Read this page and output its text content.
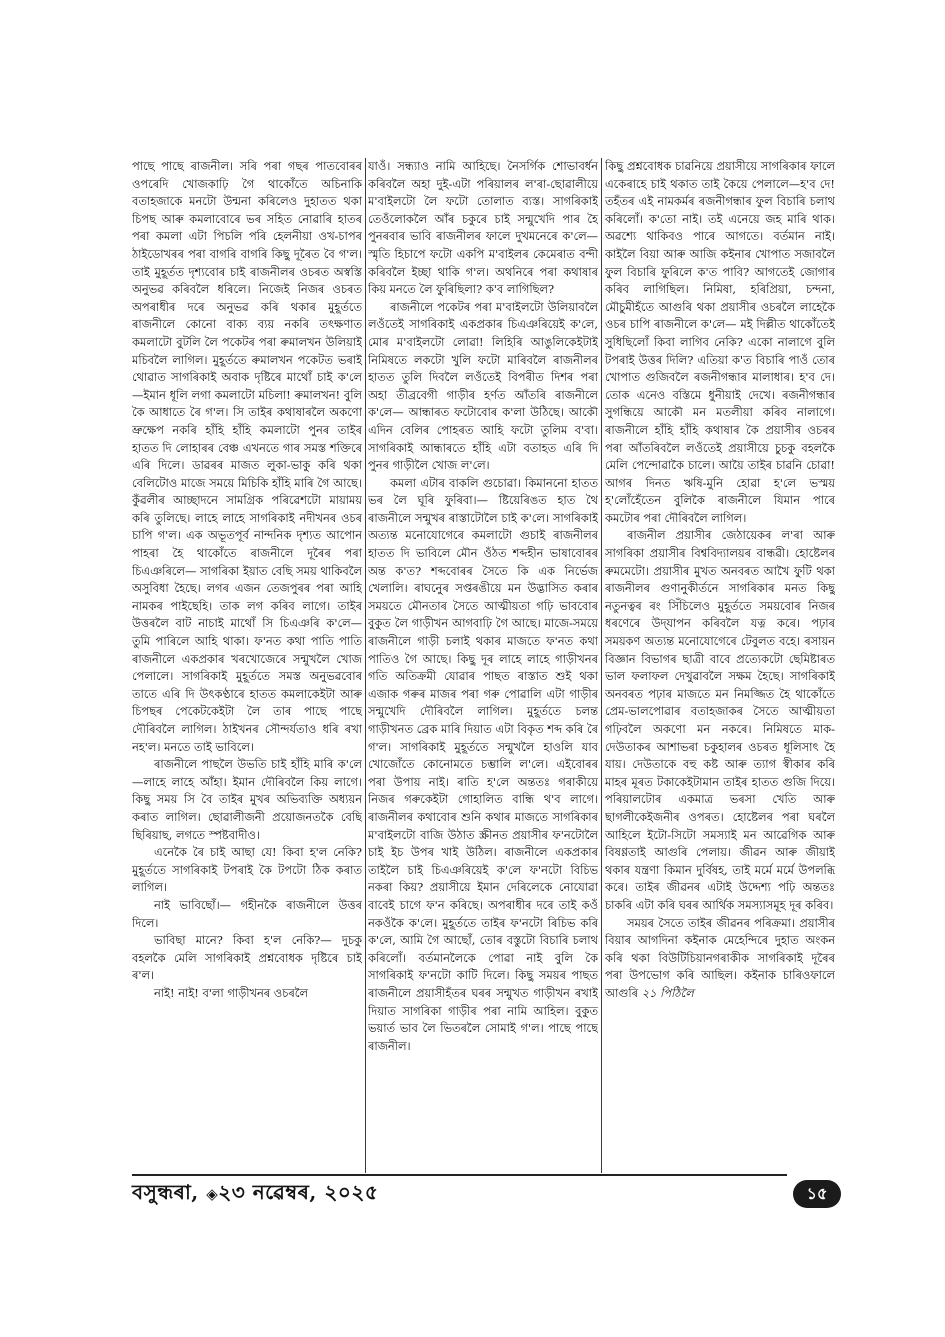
পাছে পাছে ৰাজনীল। সৰি পৰা গছৰ পাতবোৰৰ ওপৰেদি খোজকাঢ়ি গৈ থাকোঁতে অচিনাকি বতাহজাকে মনটো উন্মনা কৰিলেও দুহাতত থকা চিপছ আৰু কমলাবোৰে ভৰ সহিত নোৱাৰি হাতৰ পৰা কমলা এটা পিচলি পৰি হেলনীয়া ওখ-চাপৰ ঠাইডোখৰৰ পৰা বাগৰি বাগৰি কিছু দূৰৈত বৈ গ'ল। তাই মুহূৰ্তত দৃশ্যবোৰ চাই ৰাজনীলৰ ওচৰত অস্বস্তি অনুভৱ কৰিবলৈ ধৰিলে। নিজেই নিজৰ ওচৰত অপৰাধীৰ দৰে অনুভৱ কৰি থকাৰ মুহূৰ্ততে ৰাজনীলে কোনো বাক্য ব্যয় নকৰি তৎক্ষণাত কমলাটো বুটলি লৈ পকেটৰ পৰা ৰুমালখন উলিয়াই মচিবলৈ লাগিল। মুহূৰ্ততে ৰুমালখন পকেটত ভৰাই থোৱাত সাগৰিকাই অবাক দৃষ্টিৰে মাথোঁ চাই ক'লে—ইমান ধূলি লগা কমলাটো মচিলা! ৰুমালখন! বুলি কৈ আধাতে ৰৈ গ'ল। সি তাইৰ কথাষাৰলৈ অকণো ভ্ৰুক্ষেপ নকৰি হাঁহি হাঁহি কমলাটো পুনৰ তাইৰ হাতত দি লোহাৰৰ বেঞ্চ এখনতে গাৰ সমস্ত শক্তিৰে এৰি দিলে। ডাৱৰৰ মাজত লুকা-ভাকু কৰি থকা বেলিটোও মাজে সময়ে মিচিকি হাঁহি মাৰি গৈ আছে। কুঁৱলীৰ আচ্ছাদনে সামগ্ৰিক পৰিৱেশটো মায়াময় কৰি তুলিছে। লাহে লাহে সাগৰিকাই নদীখনৰ ওচৰ চাপি গ'ল। এক অভূতপূৰ্ব নান্দনিক দৃশ্যত আপোন পাহৰা হৈ থাকোঁতে ৰাজনীলে দূৰৈৰ পৰা চিএঞৰিলে— সাগৰিকা ইয়াত বেছি সময় থাকিবলৈ অসুবিধা হৈছে। লগৰ এজন তেজপুৰৰ পৰা আহি নামকৰ পাইছেহি। তাক লগ কৰিব লাগে। তাইৰ উত্তৰলৈ বাট নাচাই মাথোঁ সি চিএঞৰি ক'লে— তুমি পাৰিলে আহি থাকা। ফ'নত কথা পাতি পাতি ৰাজনীলে একপ্ৰকাৰ খৰখোজেৰে সন্মুখলৈ খোজ পেলালে। সাগৰিকাই মুহূৰ্ততে সমস্ত অনুভৱবোৰ তাতে এৰি দি উৎকণ্ঠাৰে হাতত কমলাকেইটা আৰু চিপছৰ পেকেটকেইটা লৈ তাৰ পাছে পাছে দৌৰিবলৈ লাগিল। ঠাইখনৰ সৌন্দৰ্যতাও ধৰি ৰখা নহ'ল। মনতে তাই ভাবিলে।

ৰাজনীলে পাছলৈ উভতি চাই হাঁহি মাৰি ক'লে—লাহে লাহে আঁহা। ইমান দৌৰিবলৈ কিয় লাগে। কিছু সময় সি বৈ তাইৰ মুখৰ অভিব্যক্তি অধ্যয়ন কৰাত লাগিল। ছোৱালীজনী প্ৰয়োজনতকৈ বেছি ছিৰিয়াছ, লগতে স্পষ্টবাদীও।

এনেকৈ ৰৈ চাই আছা যে! কিবা হ'ল নেকি? মুহূৰ্ততে সাগৰিকাই টপৰাই কৈ টপটো ঠিক কৰাত লাগিল।

নাই ভাবিছোঁ।— গহীনকৈ ৰাজনীলে উত্তৰ দিলে।

ভাবিছা মানে? কিবা হ'ল নেকি?— দুচকু বহলকৈ মেলি সাগৰিকাই প্ৰশ্নবোধক দৃষ্টিৰে চাই ৰ'ল।

নাই! নাই! ব'লা গাড়ীখনৰ ওচৰলৈ

যাওঁ। সন্ধ্যাও নামি আহিছে। নৈসৰ্গিক শোভাবৰ্ধন কৰিবলৈ অহা দুই-এটা পৰিয়ালৰ ল'ৰা-ছোৱালীয়ে ম'বাইলটো লৈ ফটো তোলাত ব্যস্ত। সাগৰিকাই তেওঁলোকলৈ আঁৰ চকুৰে চাই সন্মুখেদি পাৰ হৈ পুনৰবাৰ ভাবি ৰাজনীলৰ ফালে দুখমনেৰে ক'লে— স্মৃতি হিচাপে ফটো একপি ম'বাইলৰ কেমেৰাত বন্দী কৰিবলৈ ইচ্ছা থাকি গ'ল। অথনিৰে পৰা কথাষাৰ কিয় মনতে লৈ ফুৰিছিলা? ক'ব লাগিছিল?

ৰাজনীলে পকেটৰ পৰা ম'বাইলটো উলিয়াবলৈ লওঁতেই সাগৰিকাই একপ্ৰকাৰ চিএঞৰিয়েই ক'লে, মোৰ ম'বাইলটো লোৱা! লিহিৰি আঙুলিকেইটাই নিমিষতে লকটো খুলি ফটো মাৰিবলৈ ৰাজনীলৰ হাতত তুলি দিবলৈ লওঁতেই বিপৰীত দিশৰ পৰা অহা তীব্ৰবেগী গাড়ীৰ হৰ্ণত আঁতৰি ৰাজনীলে ক'লে— আন্ধাৰত ফটোবোৰ ক'লা উঠিছে। আকৌ এদিন বেলিৰ পোহৰত আহি ফটো তুলিম ব'বা। সাগৰিকাই আন্ধাৰতে হাঁহি এটা বতাহত এৰি দি পুনৰ গাড়ীলৈ খোজ ল'লে।

কমলা এটাৰ বাকলি গুচোৱা। কিমাননো হাতত ভৰ লৈ ঘূৰি ফুৰিবা।— ষ্টিয়েৰিঙত হাত থৈ ৰাজনীলে সন্মুখৰ ৰাস্তাটোলৈ চাই ক'লে। সাগৰিকাই অত্যন্ত মনোযোগেৰে কমলাটো গুচাই ৰাজনীলৰ হাতত দি ভাবিলে মৌন ওঁঠত শব্দহীন ভাষাবোৰৰ অন্ত ক'ত? শব্দবোৰৰ সৈতে কি এক নিৰ্ভেজ খেলালি। ৰাঘনেুৰ সপ্তৰঙীয়ে মন উদ্ভাসিত কৰাৰ সময়তে মৌনতাৰ সৈতে আত্মীয়তা গঢ়ি ভাববোৰ বুকুত লৈ গাড়ীখন আগবাঢ়ি গৈ আছে। মাজে-সময়ে ৰাজনীলে গাড়ী চলাই থকাৰ মাজতে ফ'নত কথা পাতিও গৈ আছে। কিছু দূৰ লাহে লাহে গাড়ীখনৰ গতি অতিক্ৰমী যোৱাৰ পাছত ৰাস্তাত শুই থকা এজাক গৰুৰ মাজৰ পৰা গৰু পোৱালি এটা গাড়ীৰ সন্মুখেদি দৌৰিবলৈ লাগিল। মুহূৰ্ততে চলন্ত গাড়ীখনত ব্ৰেক মাৰি দিয়াত এটা বিকৃত শব্দ কৰি ৰৈ গ'ল। সাগৰিকাই মুহূৰ্ততে সন্মুখলৈ হাওলি যাব খোজোঁতে কোনোমতে চম্ভালি ল'লে। এইবোৰৰ পৰা উপায় নাই। ৰাতি হ'লে অন্ততঃ গৰাকীয়ে নিজৰ গৰুকেইটা গোহালিত বান্ধি থ'ব লাগে। ৰাজনীলৰ কথাবোৰ শুনি কথাৰ মাজতে সাগৰিকাৰ ম'বাইলটো বাজি উঠাত স্ক্ৰীনত প্ৰয়াসীৰ ফ'নটোলৈ চাই ইচ উপৰ খাই উঠিল। ৰাজনীলে একপ্ৰকাৰ তাইলৈ চাই চিএঞৰিয়েই ক'লে ফ'নটো বিচিভ নকৰা কিয়? প্ৰয়াসীয়ে ইমান দেৰিলেকে নোযোৱা বাবেই চাগে ফ'ন কৰিছে। অপৰাধীৰ দৰে তাই কওঁ নকওঁকৈ ক'লে। মুহূৰ্ততে তাইৰ ফ'নটো ৰিচিভ কৰি ক'লে, আমি গৈ আছোঁ, তোৰ বস্তুটো বিচাৰি চলাথ কৰিলোঁ। বৰ্তমানলৈকে পোৱা নাই বুলি কৈ সাগৰিকাই ফ'নটো কাটি দিলে। কিছু সময়ৰ পাছত ৰাজনীলে প্ৰয়াসীহঁতৰ ঘৰৰ সন্মুখত গাড়ীখন ৰখাই দিয়াত সাগৰিকা গাড়ীৰ পৰা নামি আহিল। বুকুত ভয়াৰ্ত ভাব লৈ ভিতৰলৈ সোমাই গ'ল। পাছে পাছে ৰাজনীল।

কিছু প্ৰশ্নবোধক চাৱনিয়ে প্ৰয়াসীয়ে সাগৰিকাৰ ফালে একেৰাহে চাই থকাত তাই কৈয়ে পেলালে—হ'ব দে! তহঁতৰ এই নামকৰ্মৰ ৰজনীগন্ধাৰ ফুল বিচাৰি চলাথ কৰিলোঁ। ক'তো নাই। তই এনেয়ে জহ মাৰি থাক। অৱশ্যে থাকিবও পাৰে আগতে। বৰ্তমান নাই। কাইলৈ বিয়া আৰু আজি কইনাৰ খোপাত সজাবলৈ ফুল বিচাৰি ফুৰিলে ক'ত পাবি? আগতেই জোগাৰ কৰিব লাগিছিল। নিমিষা, হৰিপ্ৰিয়া, চন্দনা, মৌচুমীহঁতে আগুৰি থকা প্ৰয়াসীৰ ওচৰলৈ লাহেকৈ ওচৰ চাপি ৰাজনীলে ক'লে— মই দিল্লীত থাকোঁতেই সুধিছিলোঁ কিবা লাগিব নেকি? একো নালাগে বুলি টপৰাই উত্তৰ দিলি? এতিয়া ক'ত বিচাৰি পাওঁ তোৰ খোপাত গুজিবলৈ ৰজনীগন্ধাৰ মালাধাৰ। হ'ব দে। তোক এনেও বস্তিমে ধুনীয়াই দেখে। ৰজনীগন্ধাৰ সুগন্ধিয়ে আকৌ মন মতলীয়া কৰিব নালাগে। ৰাজনীলে হাঁহি হাঁহি কথাষাৰ কৈ প্ৰয়াসীৰ ওচৰৰ পৰা আঁতৰিবলৈ লওঁতেই প্ৰয়াসীয়ে চুচকু বহলকৈ মেলি পেন্দোৱাকৈ চালে। আয়ৈ তাইৰ চাৱনি চোৱা! আগৰ দিনত ঋষি-মুনি হোৱা হ'লে ভস্ময় হ'লোঁহেঁতেন বুলিকৈ ৰাজনীলে যিমান পাৰে কমটোৰ পৰা দৌৰিবলৈ লাগিল।

ৰাজনীল প্ৰয়াসীৰ জেঠায়েকৰ ল'ৰা আৰু সাগৰিকা প্ৰয়াসীৰ বিশ্ববিদ্যালয়ৰ বান্ধৱী। হোষ্টেলৰ ৰুমমেটো। প্ৰয়াসীৰ মুখত অনবৰত আখৈ ফুটি থকা ৰাজনীলৰ গুণানুকীৰ্তনে সাগৰিকাৰ মনত কিছু নতুনত্বৰ ৰং সিঁচিলেও মুহূৰ্ততে সময়বোৰ নিজৰ ধৰণেৰে উদ্‌যাপন কৰিবলৈ যত্ন কৰে। পঢ়াৰ সময়কণ অত্যন্ত মনোযোগেৰে টেবুলত বহে। ৰসায়ন বিজ্ঞান বিভাগৰ ছাত্ৰী বাবে প্ৰত্যেকটো ছেমিষ্টাৰত ভাল ফলাফল দেখুৱাবলৈ সক্ষম হৈছে। সাগৰিকাই অনবৰত পঢ়াৰ মাজতে মন নিমজ্জিত হৈ থাকোঁতে প্ৰেম-ভালপোৱাৰ বতাহজাকৰ সৈতে আত্মীয়তা গঢ়িবলৈ অকণো মন নকৰে। নিমিষতে মাক-দেউতাকৰ আশাভৰা চকুহালৰ ওচৰত ধূলিসাৎ হৈ যায়। দেউতাকে বহু কষ্ট আৰু ত্যাগ স্বীকাৰ কৰি মাহৰ মূৰত টকাকেইটামান তাইৰ হাতত গুজি দিয়ে। পৰিয়ালটোৰ একমাত্ৰ ভৰসা খেতি আৰু ছাগলীকেইজনীৰ ওপৰত। হোষ্টেলৰ পৰা ঘৰলৈ আহিলে ইটো-সিটো সমস্যাই মন আৱেগিক আৰু বিষণ্ণতাই আগুৰি পেলায়। জীৱন আৰু জীয়াই থকাৰ যন্ত্ৰণা কিমান দুৰ্বিষহ, তাই মৰ্মে মৰ্মে উপলব্ধি কৰে। তাইৰ জীৱনৰ এটাই উদ্দেশ্য পঢ়ি অন্ততঃ চাকৰি এটা কৰি ঘৰৰ আৰ্থিক সমস্যাসমূহ দূৰ কৰিব।

সময়ৰ সৈতে তাইৰ জীৱনৰ পৰিক্ৰমা। প্ৰয়াসীৰ বিয়াৰ আগদিনা কইনাক মেহেন্দিৰে দুহাত অংকন কৰি থকা বিউটিচিয়ানগৰাকীক সাগৰিকাই দূৰৈৰ পৰা উপভোগ কৰি আছিল। কইনাক চাৰিওফালে আগুৰি ২১ পিঠিলৈ

বসুন্ধৰা, ◈২৩ নৱেম্বৰ, ২০২৫	১৫
